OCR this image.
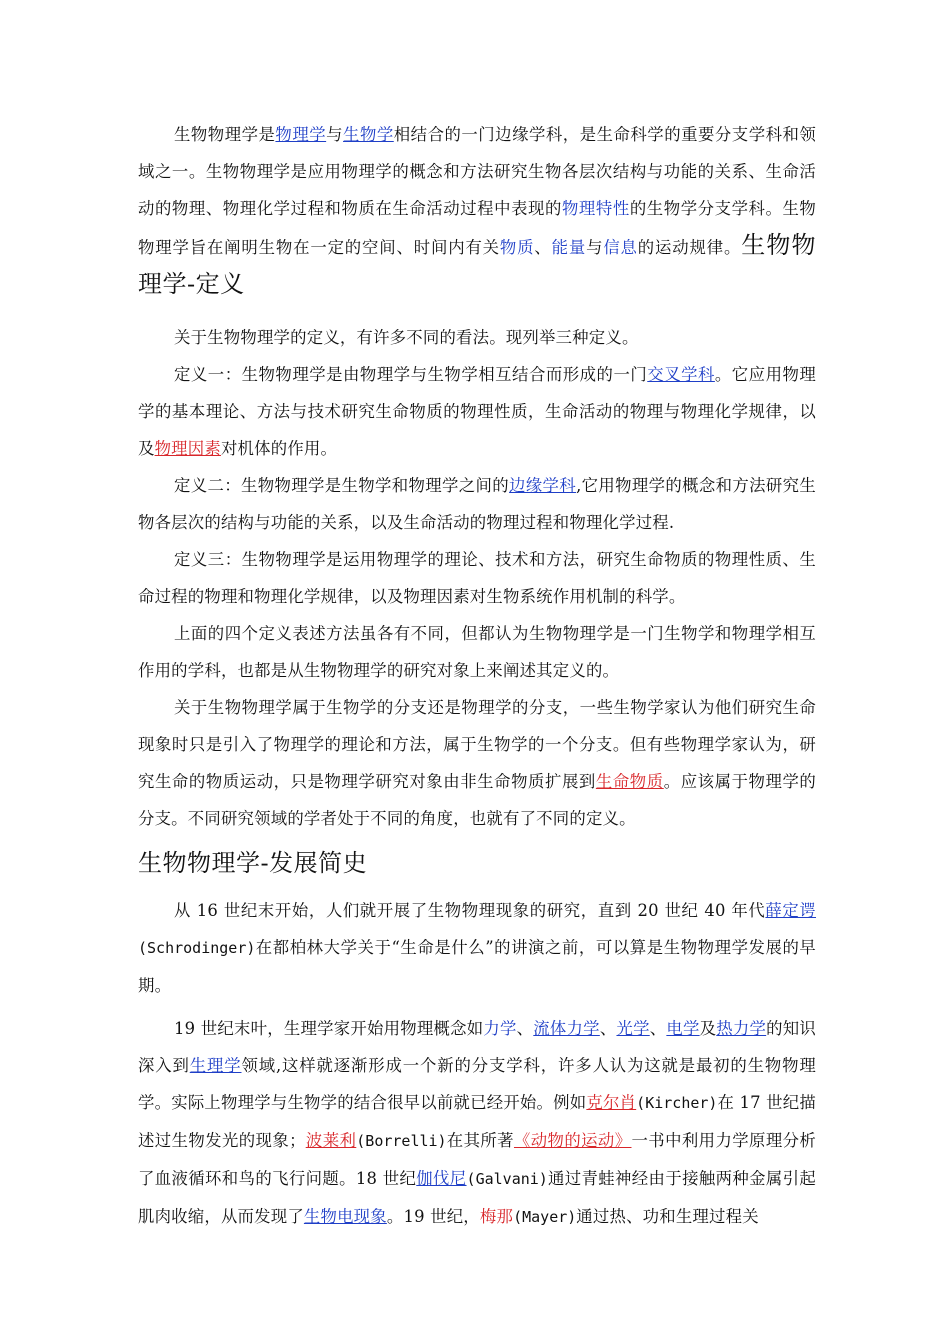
生物物理学是物理学与生物学相结合的一门边缘学科，是生命科学的重要分支学科和领域之一。生物物理学是应用物理学的概念和方法研究生物各层次结构与功能的关系、生命活动的物理、物理化学过程和物质在生命活动过程中表现的物理特性的生物学分支学科。生物物理学旨在阐明生物在一定的空间、时间内有关物质、能量与信息的运动规律。生物物理学-定义

关于生物物理学的定义，有许多不同的看法。现列举三种定义。

定义一：生物物理学是由物理学与生物学相互结合而形成的一门交叉学科。它应用物理学的基本理论、方法与技术研究生命物质的物理性质，生命活动的物理与物理化学规律，以及物理因素对机体的作用。

定义二：生物物理学是生物学和物理学之间的边缘学科,它用物理学的概念和方法研究生物各层次的结构与功能的关系，以及生命活动的物理过程和物理化学过程.

定义三：生物物理学是运用物理学的理论、技术和方法，研究生命物质的物理性质、生命过程的物理和物理化学规律，以及物理因素对生物系统作用机制的科学。

上面的四个定义表述方法虽各有不同，但都认为生物物理学是一门生物学和物理学相互作用的学科，也都是从生物物理学的研究对象上来阐述其定义的。

关于生物物理学属于生物学的分支还是物理学的分支，一些生物学家认为他们研究生命现象时只是引入了物理学的理论和方法，属于生物学的一个分支。但有些物理学家认为，研究生命的物质运动，只是物理学研究对象由非生命物质扩展到生命物质。应该属于物理学的分支。不同研究领域的学者处于不同的角度，也就有了不同的定义。

生物物理学-发展简史

从 16 世纪末开始，人们就开展了生物物理现象的研究，直到 20 世纪 40 年代薛定谔(Schrodinger)在都柏林大学关于“生命是什么”的讲演之前，可以算是生物物理学发展的早期。

19 世纪末叶，生理学家开始用物理概念如力学、流体力学、光学、电学及热力学的知识深入到生理学领域,这样就逐渐形成一个新的分支学科，许多人认为这就是最初的生物物理学。实际上物理学与生物学的结合很早以前就已经开始。例如克尔肖(Kircher)在 17 世纪描述过生物发光的现象；波莱利(Borrelli)在其所著《动物的运动》一书中利用力学原理分析了血液循环和鸟的飞行问题。18 世纪伽伐尼(Galvani)通过青蛙神经由于接触两种金属引起肌肉收缩，从而发现了生物电现象。19 世纪，梅那(Mayer)通过热、功和生理过程关
